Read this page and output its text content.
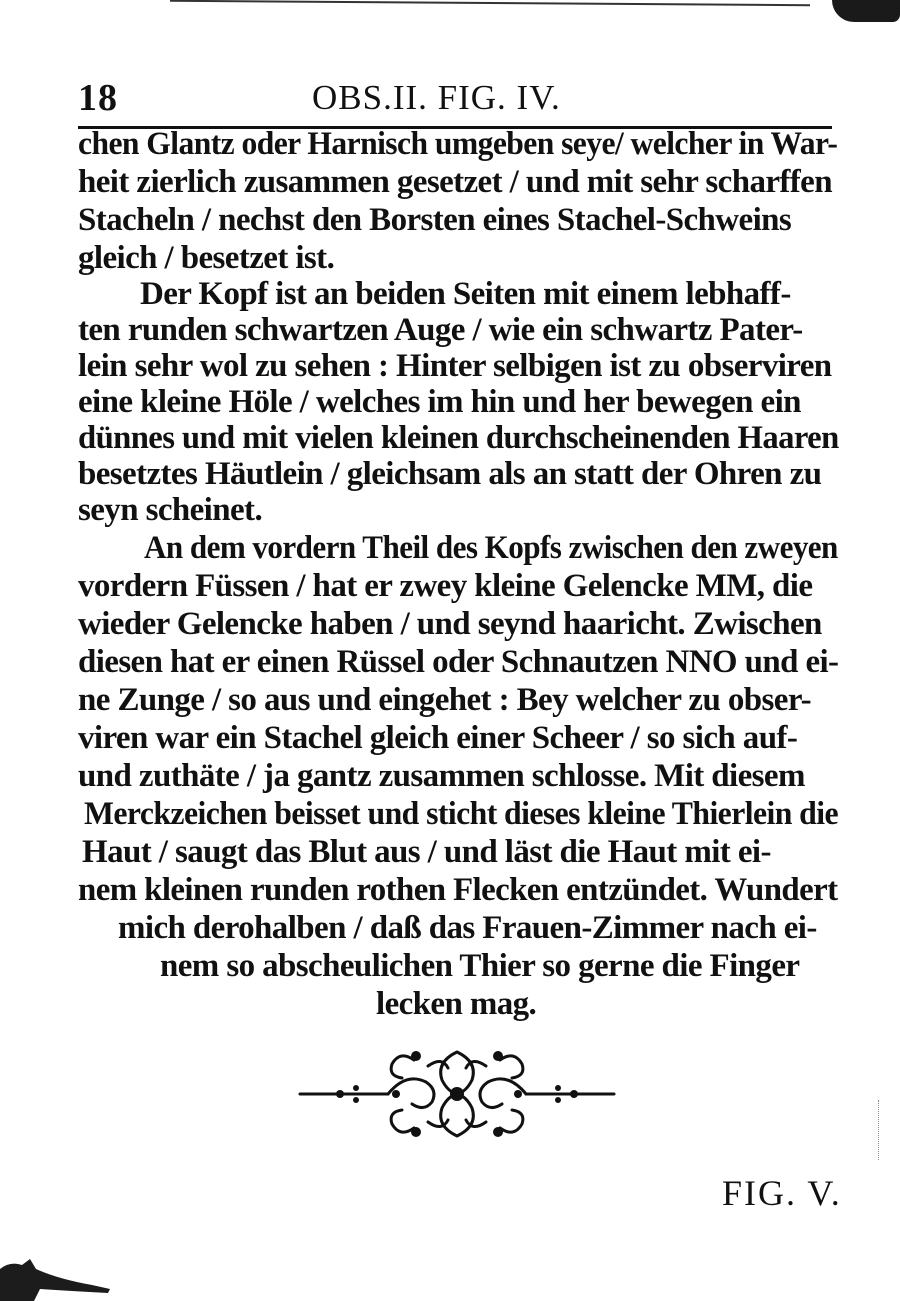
18	OBS.II. FIG. IV.
chen Glantz oder Harnisch umgeben seye/ welcher in War-
heit zierlich zusammen gesetzet / und mit sehr scharffen
Stacheln / nechst den Borsten eines Stachel-Schweins
gleich / besetzet ist.
Der Kopf ist an beiden Seiten mit einem lebhaff-
ten runden schwartzen Auge / wie ein schwartz Pater-
lein sehr wol zu sehen : Hinter selbigen ist zu observiren
eine kleine Höle / welches im hin und her bewegen ein
dünnes und mit vielen kleinen durchscheinenden Haaren
besetztes Häutlein / gleichsam als an statt der Ohren zu
seyn scheinet.
An dem vordern Theil des Kopfs zwischen den zweyen
vordern Füssen / hat er zwey kleine Gelencke MM, die
wieder Gelencke haben / und seynd haaricht. Zwischen
diesen hat er einen Rüssel oder Schnautzen NNO und ei-
ne Zunge / so aus und eingehet : Bey welcher zu obser-
viren war ein Stachel gleich einer Scheer / so sich auf-
und zuthäte / ja gantz zusammen schlosse. Mit diesem
Merckzeichen beisset und sticht dieses kleine Thierlein die
Haut / saugt das Blut aus / und läst die Haut mit ei-
nem kleinen runden rothen Flecken entzündet. Wundert
mich derohalben / daß das Frauen-Zimmer nach ei-
nem so abscheulichen Thier so gerne die Finger
lecken mag.
FIG. V.
